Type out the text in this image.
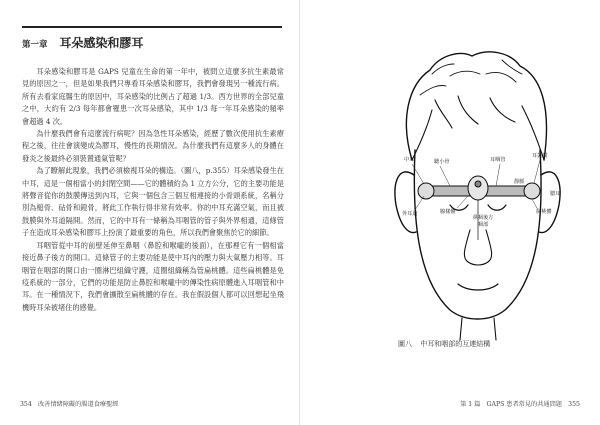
第一章 耳朵感染和膠耳

耳朵感染和膠耳是 GAPS 兒童在生命的第一年中，被問立這麼多抗生素最常見的原因之一，但是如果我們只專看耳朵感染和膠耳，我們會發現另一種流行病。所有去看家庭醫生的原因中，耳朵感染的比例占了超過 1/3。西方世界的全部兒童之中，大約有 2/3 每年都會罹患一次耳朵感染，其中 1/3 每一年耳朵感染的頻率會超過 4 次。

為什麼我們會有這麼流行病呢？因為急性耳朵感染，經歷了數次使用抗生素療程之後，往往會演變成為膠耳，慢性的長期情況。為什麼我們有這麼多人的身體在發炎之後最終必須裝置通氣管呢？

為了瞭解此現象，我們必須檢視耳朵的構造。（圖八，p.355）耳朵感染發生在中耳，這是一個相當小的封閉空間——它的體積約為 1 立方公分，它的主要功能是將聲音從你的鼓膜傳送到內耳，它與一個包含三個互相連接的小骨頭系統，名稱分別為槌骨、砧骨和鐙骨，將此工作執行得非常有效率。你的中耳充滿空氣，而且被鼓膜與外耳道隔開。然而，它的中耳有一條稱為耳咽管的管子與外界相通，這條管子在造成耳朵感染和膠耳上扮演了最重要的角色，所以我們會聚焦於它的細節。

耳咽管從中耳的前壁延伸至鼻咽（鼻腔和喉嚨的後面），在那裡它有一個相當接近鼻子後方的開口。這條管子的主要功能是使中耳內的壓力與大氣壓力相等。耳咽管在咽部的開口由一圈淋巴組織守護，這圈組織稱為管扁桃體。這些扁桃體是免疫系統的一部分，它們的功能是防止鼻腔和喉嚨中的傳染性病原體進入耳咽管和中耳。在一種情況下，我們會擴散至扁桃體的存在。我在假設個人都可以回想起坐飛機時耳朵被堵住的感覺。

354　改善情緒障礙的腸道食療聖經
中耳	聽小骨
外耳道
耳咽管
耳鼓膜
腺樣體
鼻咽後方
咽部
扁桃體
靜脈
腮耳
圖八 中耳和咽部的互連結構
第 1 篇　GAPS 患者常見的共通問題　355
